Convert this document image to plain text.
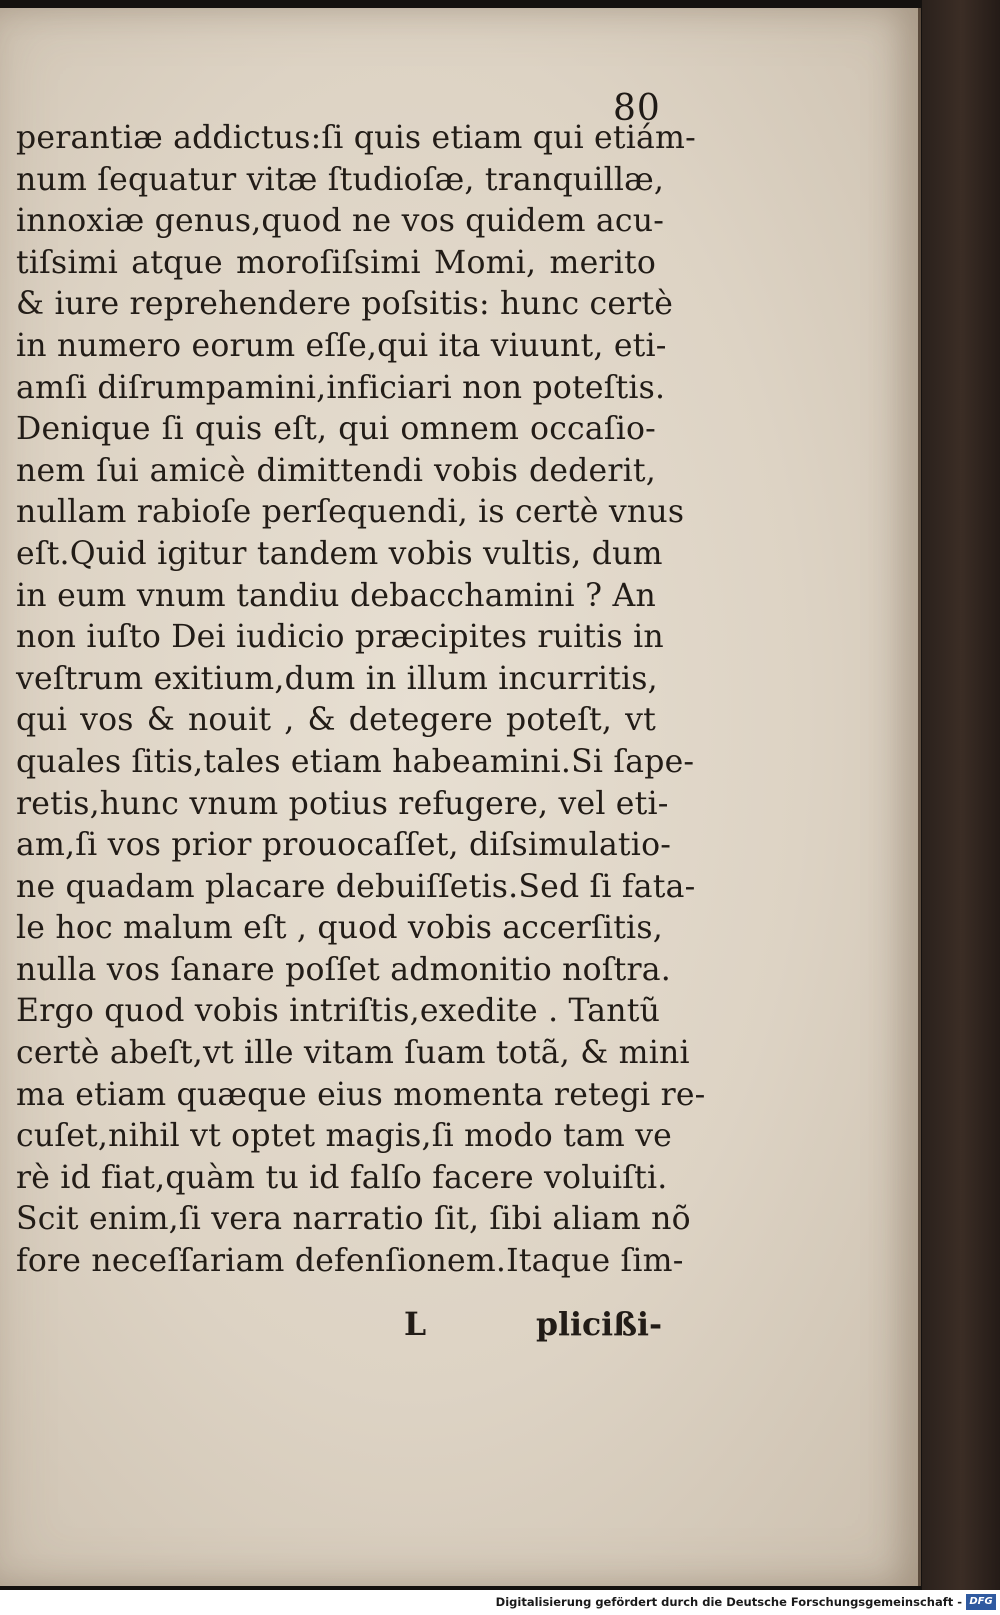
80
perantiæ addictus:ſi quis etiam qui etiám-
num ſequatur vitæ ſtudioſæ, tranquillæ,
innoxiæ genus,quod ne vos quidem acu-
tiſsimi atque moroſiſsimi Momi, merito
& iure reprehendere poſsitis: hunc certè
in numero eorum eſſe,qui ita viuunt, eti-
amſi diſrumpamini,inficiari non poteſtis.
Denique ſi quis eſt, qui omnem occaſio-
nem ſui amicè dimittendi vobis dederit,
nullam rabioſe perſequendi, is certè vnus
eſt.Quid igitur tandem vobis vultis, dum
in eum vnum tandiu debacchamini ? An
non iuſto Dei iudicio præcipites ruitis in
veſtrum exitium,dum in illum incurritis,
qui vos & nouit , & detegere poteſt, vt
quales ſitis,tales etiam habeamini.Si ſape-
retis,hunc vnum potius refugere, vel eti-
am,ſi vos prior prouocaſſet, diſsimulatio-
ne quadam placare debuiſſetis.Sed ſi fata-
le hoc malum eſt , quod vobis accerſitis,
nulla vos ſanare poſſet admonitio noſtra.
Ergo quod vobis intriſtis,exedite . Tantũ
certè abeſt,vt ille vitam ſuam totã, & mini
ma etiam quæque eius momenta retegi re-
cuſet,nihil vt optet magis,ſi modo tam ve
rè id fiat,quàm tu id falſo facere voluiſti.
Scit enim,ſi vera narratio ſit, ſibi aliam nõ
fore neceſſariam defenſionem.Itaque ſim-
L	plicißi-
Digitalisierung gefördert durch die Deutsche Forschungsgemeinschaft - DFG
